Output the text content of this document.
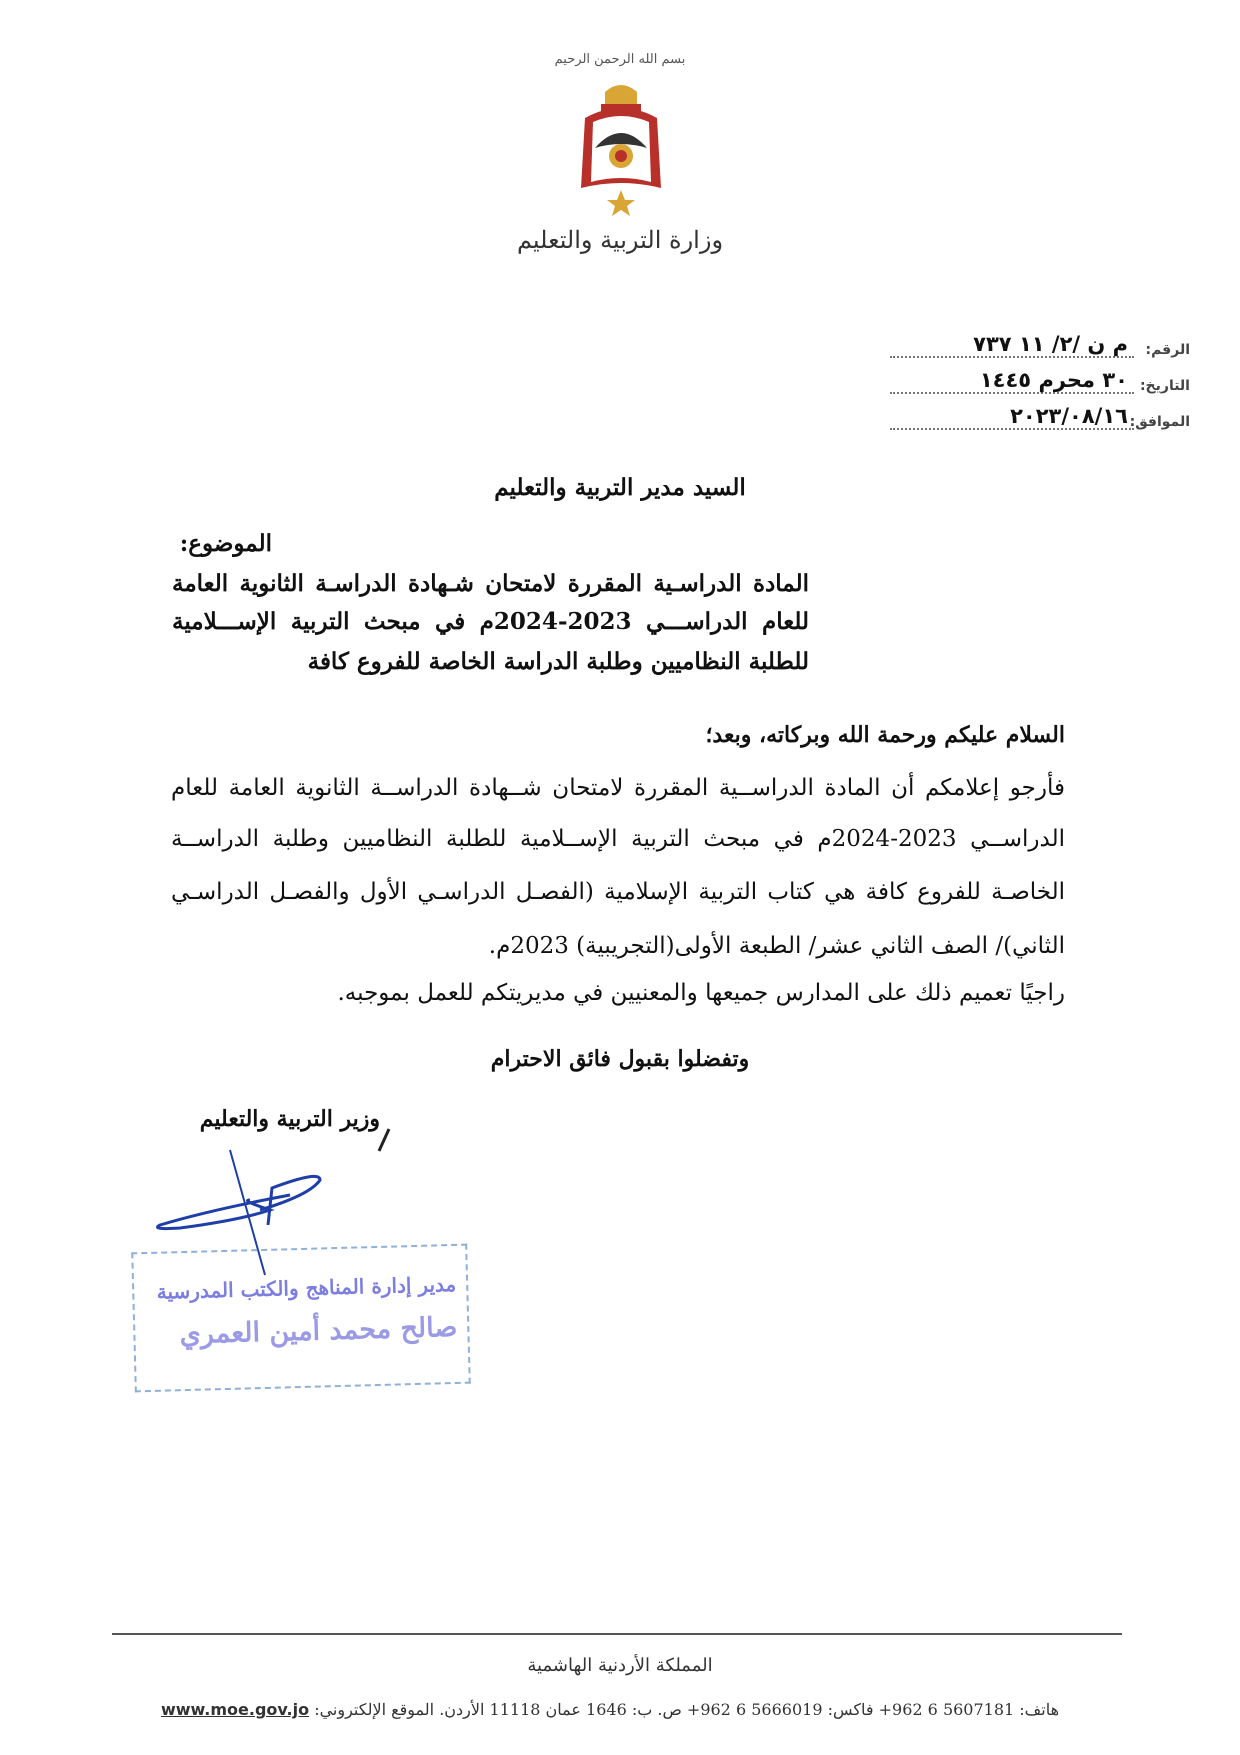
بسم الله الرحمن الرحيم
وزارة التربية والتعليم
الرقم:
م ن /٢/ ١١ ٧٣٧
التاريخ:
٣٠ محرم ١٤٤٥
الموافق:
٢٠٢٣/٠٨/١٦
السيد مدير التربية والتعليم
الموضوع:
المادة الدراسـية المقررة لامتحان شـهادة الدراسـة الثانوية العامة
للعام الدراســـي 2023-2024م في مبحث التربية الإســـلامية
للطلبة النظاميين وطلبة الدراسة الخاصة للفروع كافة
السلام عليكم ورحمة الله وبركاته، وبعد؛
فأرجو إعلامكم أن المادة الدراســية المقررة لامتحان شــهادة الدراســة الثانوية العامة للعام
الدراســي 2023-2024م في مبحث التربية الإســلامية للطلبة النظاميين وطلبة الدراســة
الخاصـة للفروع كافة هي كتاب التربية الإسلامية (الفصـل الدراسـي الأول والفصـل الدراسـي
الثاني)/ الصف الثاني عشر/ الطبعة الأولى(التجريبية) 2023م.
راجيًا تعميم ذلك على المدارس جميعها والمعنيين في مديريتكم للعمل بموجبه.
وتفضلوا بقبول فائق الاحترام
وزير التربية والتعليم
مدير إدارة المناهج والكتب المدرسية
صالح محمد أمين العمري
المملكة الأردنية الهاشمية
هاتف: 5607181 6 962+ فاكس: 5666019 6 962+ ص. ب: 1646 عمان 11118 الأردن. الموقع الإلكتروني: www.moe.gov.jo
